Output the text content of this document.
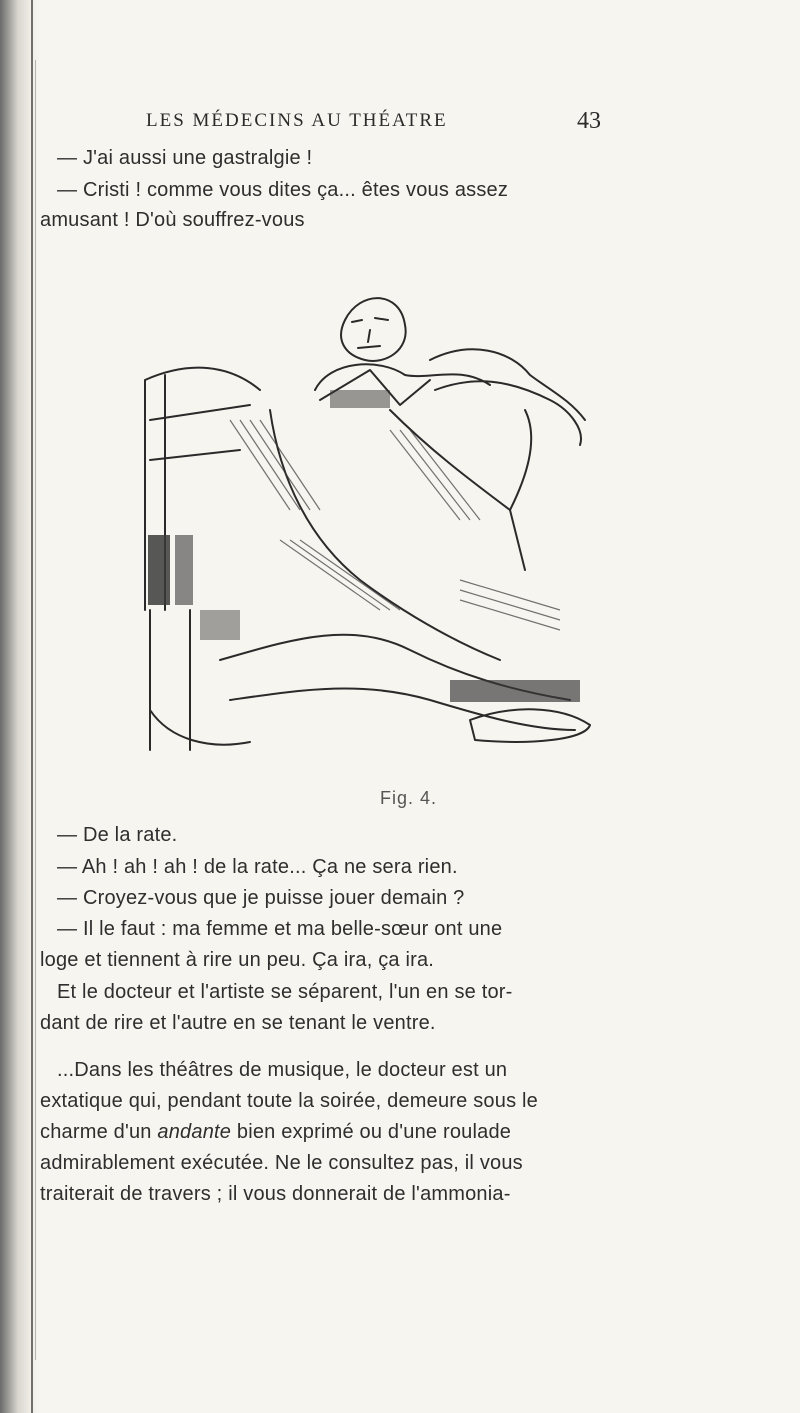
LES MÉDECINS AU THÉATRE	43
— J'ai aussi une gastralgie !
— Cristi ! comme vous dites ça... êtes vous assez
amusant ! D'où souffrez-vous
Fig. 4.
— De la rate.
— Ah ! ah ! ah ! de la rate... Ça ne sera rien.
— Croyez-vous que je puisse jouer demain ?
— Il le faut : ma femme et ma belle-sœur ont une
loge et tiennent à rire un peu. Ça ira, ça ira.
Et le docteur et l'artiste se séparent, l'un en se tor-
dant de rire et l'autre en se tenant le ventre.
...Dans les théâtres de musique, le docteur est un
extatique qui, pendant toute la soirée, demeure sous le
charme d'un andante bien exprimé ou d'une roulade
admirablement exécutée. Ne le consultez pas, il vous
traiterait de travers ; il vous donnerait de l'ammonia-
